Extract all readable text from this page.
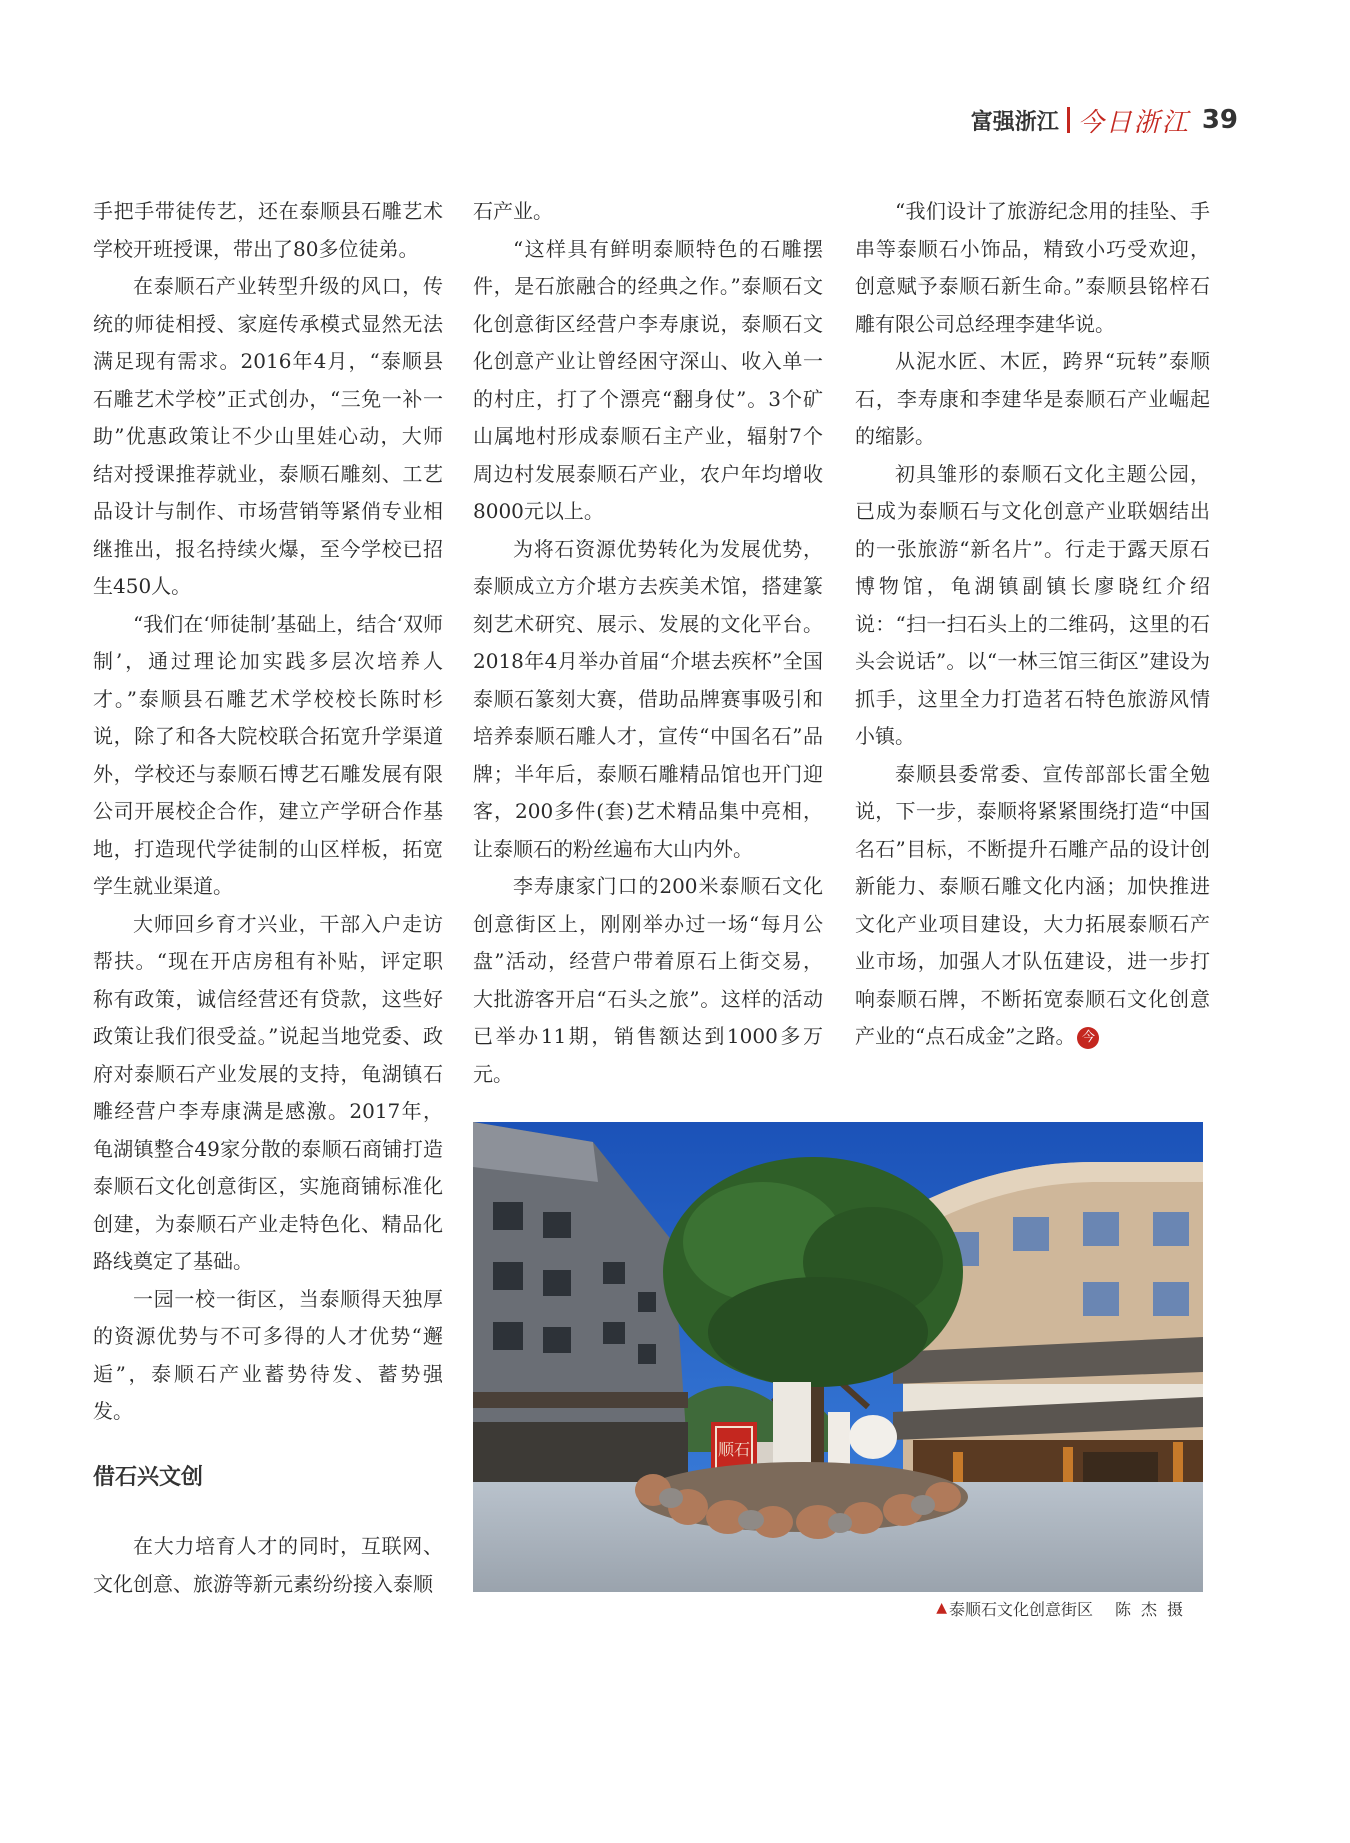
富强浙江 今日浙江 39

手把手带徒传艺，还在泰顺县石雕艺术学校开班授课，带出了80多位徒弟。

在泰顺石产业转型升级的风口，传统的师徒相授、家庭传承模式显然无法满足现有需求。2016年4月，“泰顺县石雕艺术学校”正式创办，“三免一补一助”优惠政策让不少山里娃心动，大师结对授课推荐就业，泰顺石雕刻、工艺品设计与制作、市场营销等紧俏专业相继推出，报名持续火爆，至今学校已招生450人。

“我们在‘师徒制’基础上，结合‘双师制’，通过理论加实践多层次培养人才。”泰顺县石雕艺术学校校长陈时杉说，除了和各大院校联合拓宽升学渠道外，学校还与泰顺石博艺石雕发展有限公司开展校企合作，建立产学研合作基地，打造现代学徒制的山区样板，拓宽学生就业渠道。

大师回乡育才兴业，干部入户走访帮扶。“现在开店房租有补贴，评定职称有政策，诚信经营还有贷款，这些好政策让我们很受益。”说起当地党委、政府对泰顺石产业发展的支持，龟湖镇石雕经营户李寿康满是感激。2017年，龟湖镇整合49家分散的泰顺石商铺打造泰顺石文化创意街区，实施商铺标准化创建，为泰顺石产业走特色化、精品化路线奠定了基础。

一园一校一街区，当泰顺得天独厚的资源优势与不可多得的人才优势“邂逅”，泰顺石产业蓄势待发、蓄势强发。

借石兴文创

在大力培育人才的同时，互联网、文化创意、旅游等新元素纷纷接入泰顺

石产业。

“这样具有鲜明泰顺特色的石雕摆件，是石旅融合的经典之作。”泰顺石文化创意街区经营户李寿康说，泰顺石文化创意产业让曾经困守深山、收入单一的村庄，打了个漂亮“翻身仗”。3个矿山属地村形成泰顺石主产业，辐射7个周边村发展泰顺石产业，农户年均增收8000元以上。

为将石资源优势转化为发展优势，泰顺成立方介堪方去疾美术馆，搭建篆刻艺术研究、展示、发展的文化平台。2018年4月举办首届“介堪去疾杯”全国泰顺石篆刻大赛，借助品牌赛事吸引和培养泰顺石雕人才，宣传“中国名石”品牌；半年后，泰顺石雕精品馆也开门迎客，200多件(套)艺术精品集中亮相，让泰顺石的粉丝遍布大山内外。

李寿康家门口的200米泰顺石文化创意街区上，刚刚举办过一场“每月公盘”活动，经营户带着原石上街交易，大批游客开启“石头之旅”。这样的活动已举办11期，销售额达到1000多万元。

“我们设计了旅游纪念用的挂坠、手串等泰顺石小饰品，精致小巧受欢迎，创意赋予泰顺石新生命。”泰顺县铭梓石雕有限公司总经理李建华说。

从泥水匠、木匠，跨界“玩转”泰顺石，李寿康和李建华是泰顺石产业崛起的缩影。

初具雏形的泰顺石文化主题公园，已成为泰顺石与文化创意产业联姻结出的一张旅游“新名片”。行走于露天原石博物馆，龟湖镇副镇长廖晓红介绍说：“扫一扫石头上的二维码，这里的石头会说话”。以“一林三馆三街区”建设为抓手，这里全力打造茗石特色旅游风情小镇。

泰顺县委常委、宣传部部长雷全勉说，下一步，泰顺将紧紧围绕打造“中国名石”目标，不断提升石雕产品的设计创新能力、泰顺石雕文化内涵；加快推进文化产业项目建设，大力拓展泰顺石产业市场，加强人才队伍建设，进一步打响泰顺石牌，不断拓宽泰顺石文化创意产业的“点石成金”之路。 今

顺石
▲ 泰顺石文化创意街区 陈杰摄
